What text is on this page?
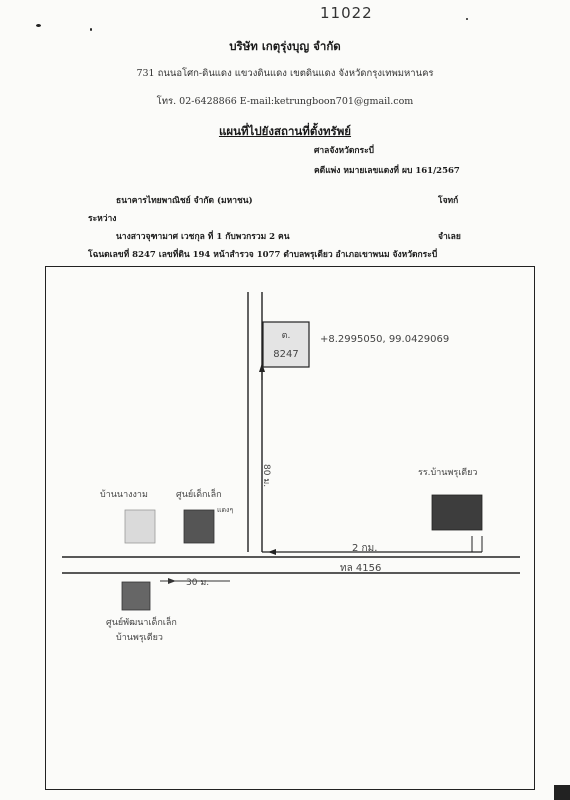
11022
บริษัท เกตุรุ่งบุญ จำกัด
731 ถนนอโศก-ดินแดง แขวงดินแดง เขตดินแดง จังหวัดกรุงเทพมหานคร
โทร. 02-6428866 E-mail:ketrungboon701@gmail.com
แผนที่ไปยังสถานที่ตั้งทรัพย์
ศาลจังหวัดกระบี่
คดีแพ่ง หมายเลขแดงที่ ผบ 161/2567
ธนาคารไทยพาณิชย์ จำกัด (มหาชน)	โจทก์
ระหว่าง
นางสาวจุฑามาศ เวชกุล ที่ 1 กับพวกรวม 2 คน	จำเลย
โฉนดเลขที่ 8247 เลขที่ดิน 194 หน้าสำรวจ 1077 ตำบลพรุเตียว อำเภอเขาพนม จังหวัดกระบี่
ต.
8247
+8.2995050, 99.0429069
80 ม.
2 กม.
ทล 4156
30 ม.
รร.บ้านพรุเตียว
บ้านนางงาม	ศูนย์เด็กเล็ก
แดงๆ
ศูนย์พัฒนาเด็กเล็ก
บ้านพรุเตียว
